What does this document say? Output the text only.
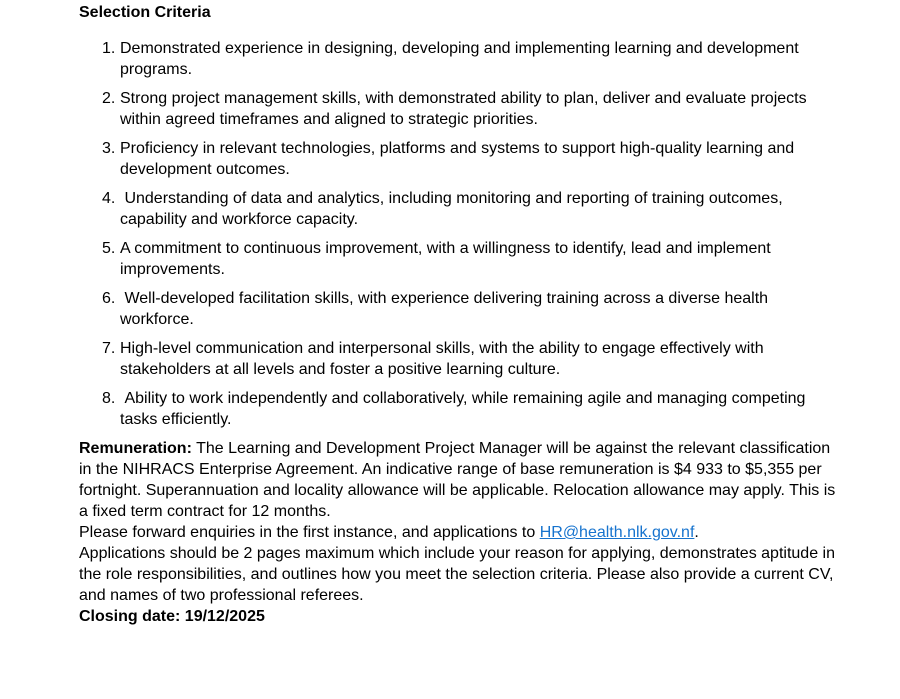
Selection Criteria

1. Demonstrated experience in designing, developing and implementing learning and development programs.
2. Strong project management skills, with demonstrated ability to plan, deliver and evaluate projects within agreed timeframes and aligned to strategic priorities.
3. Proficiency in relevant technologies, platforms and systems to support high-quality learning and development outcomes.
4. Understanding of data and analytics, including monitoring and reporting of training outcomes, capability and workforce capacity.
5. A commitment to continuous improvement, with a willingness to identify, lead and implement improvements.
6. Well-developed facilitation skills, with experience delivering training across a diverse health workforce.
7. High-level communication and interpersonal skills, with the ability to engage effectively with stakeholders at all levels and foster a positive learning culture.
8. Ability to work independently and collaboratively, while remaining agile and managing competing tasks efficiently.

Remuneration: The Learning and Development Project Manager will be against the relevant classification in the NIHRACS Enterprise Agreement. An indicative range of base remuneration is $4 933 to $5,355 per fortnight. Superannuation and locality allowance will be applicable. Relocation allowance may apply. This is a fixed term contract for 12 months.

Please forward enquiries in the first instance, and applications to HR@health.nlk.gov.nf.

Applications should be 2 pages maximum which include your reason for applying, demonstrates aptitude in the role responsibilities, and outlines how you meet the selection criteria. Please also provide a current CV, and names of two professional referees.

Closing date: 19/12/2025
